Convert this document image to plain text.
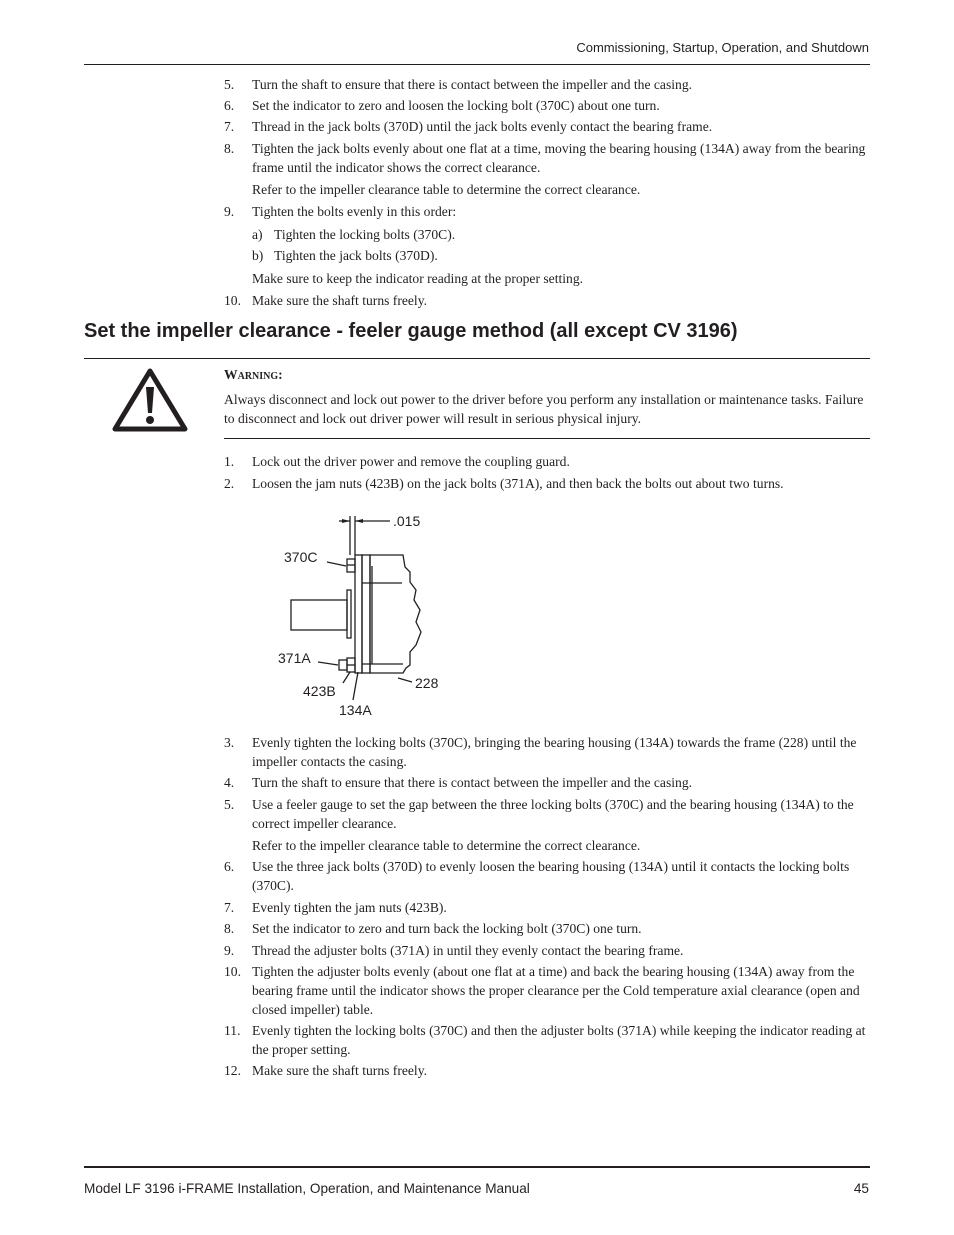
Commissioning, Startup, Operation, and Shutdown
5. Turn the shaft to ensure that there is contact between the impeller and the casing.
6. Set the indicator to zero and loosen the locking bolt (370C) about one turn.
7. Thread in the jack bolts (370D) until the jack bolts evenly contact the bearing frame.
8. Tighten the jack bolts evenly about one flat at a time, moving the bearing housing (134A) away from the bearing frame until the indicator shows the correct clearance.
Refer to the impeller clearance table to determine the correct clearance.
9. Tighten the bolts evenly in this order:
a) Tighten the locking bolts (370C).
b) Tighten the jack bolts (370D).
Make sure to keep the indicator reading at the proper setting.
10. Make sure the shaft turns freely.
Set the impeller clearance - feeler gauge method (all except CV 3196)
Warning:
Always disconnect and lock out power to the driver before you perform any installation or maintenance tasks. Failure to disconnect and lock out driver power will result in serious physical injury.
1. Lock out the driver power and remove the coupling guard.
2. Loosen the jam nuts (423B) on the jack bolts (371A), and then back the bolts out about two turns.
.015
370C
371A
423B	228
134A
3. Evenly tighten the locking bolts (370C), bringing the bearing housing (134A) towards the frame (228) until the impeller contacts the casing.
4. Turn the shaft to ensure that there is contact between the impeller and the casing.
5. Use a feeler gauge to set the gap between the three locking bolts (370C) and the bearing housing (134A) to the correct impeller clearance.
Refer to the impeller clearance table to determine the correct clearance.
6. Use the three jack bolts (370D) to evenly loosen the bearing housing (134A) until it contacts the locking bolts (370C).
7. Evenly tighten the jam nuts (423B).
8. Set the indicator to zero and turn back the locking bolt (370C) one turn.
9. Thread the adjuster bolts (371A) in until they evenly contact the bearing frame.
10. Tighten the adjuster bolts evenly (about one flat at a time) and back the bearing housing (134A) away from the bearing frame until the indicator shows the proper clearance per the Cold temperature axial clearance (open and closed impeller) table.
11. Evenly tighten the locking bolts (370C) and then the adjuster bolts (371A) while keeping the indicator reading at the proper setting.
12. Make sure the shaft turns freely.
Model LF 3196 i-FRAME Installation, Operation, and Maintenance Manual	45
